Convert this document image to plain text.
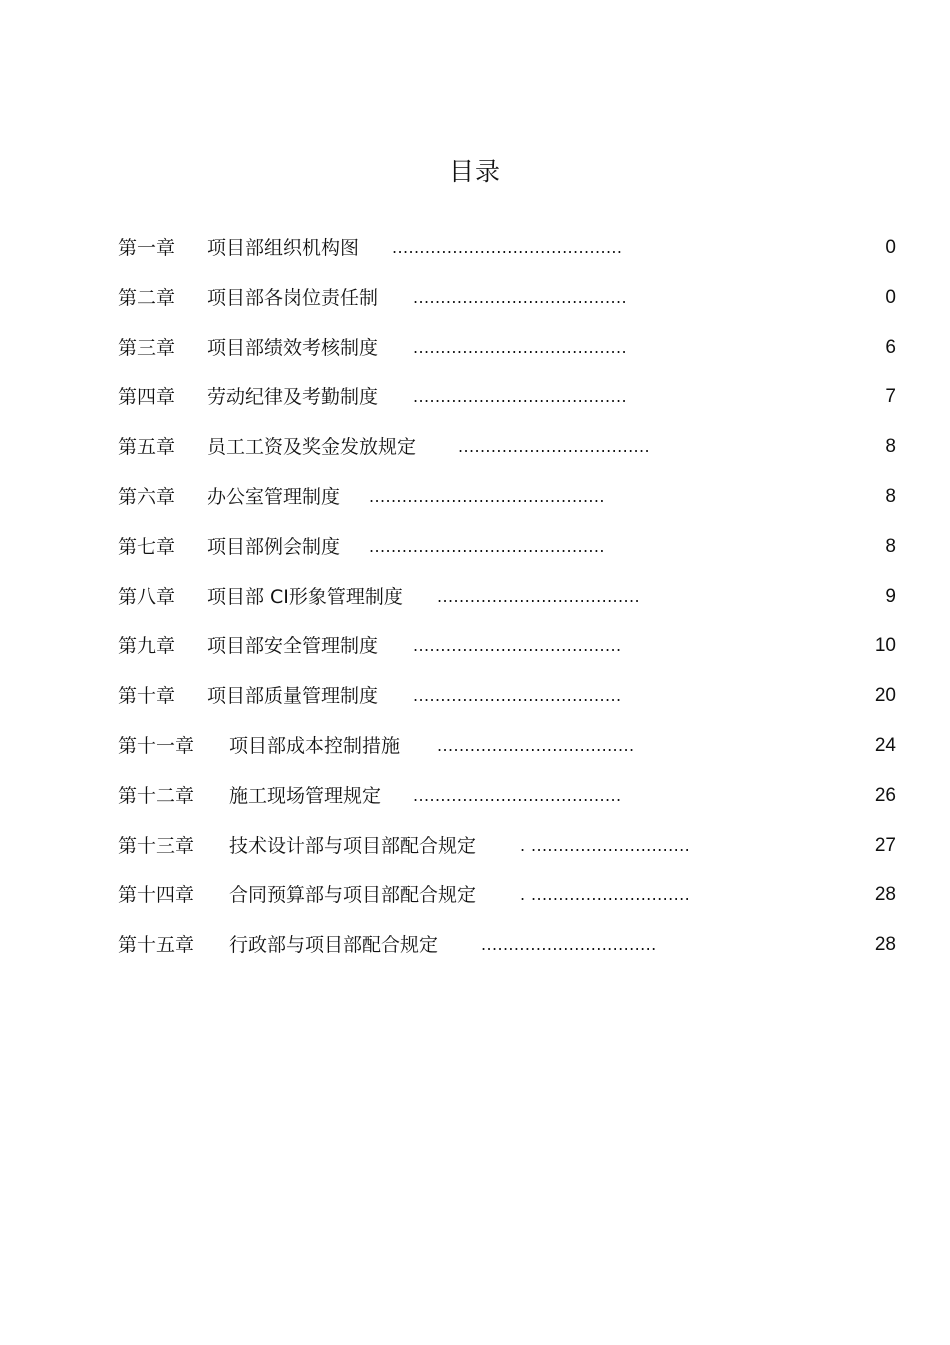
目录
第一章 项目部组织机构图 ..........................................	0
第二章 项目部各岗位责任制 .......................................	0
第三章 项目部绩效考核制度 .......................................	6
第四章 劳动纪律及考勤制度 .......................................	7
第五章 员工工资及奖金发放规定	...................................	8
第六章 办公室管理制度 ...........................................	8
第七章 项目部例会制度 ...........................................	8
第八章 项目部 CI形象管理制度 .....................................	9
第九章 项目部安全管理制度 ......................................	10
第十章 项目部质量管理制度 ......................................	20
第十一章 项目部成本控制措施 ....................................	24
第十二章 施工现场管理规定 ......................................	26
第十三章 技术设计部与项目部配合规定	. .............................	27
第十四章 合同预算部与项目部配合规定	. .............................	28
第十五章 行政部与项目部配合规定	................................	28
